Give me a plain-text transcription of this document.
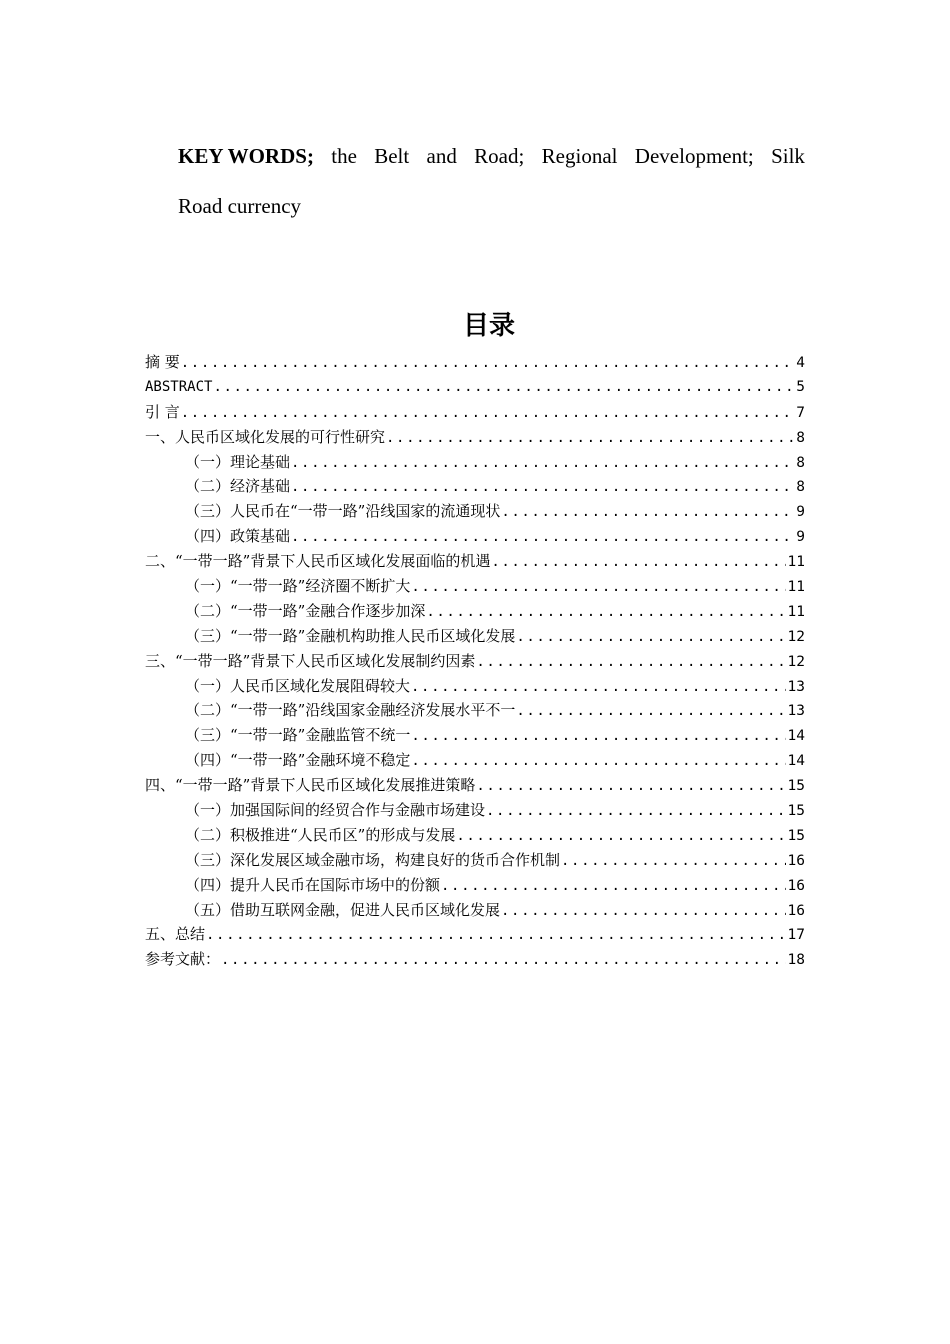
KEY WORDS; the Belt and Road; Regional Development; Silk
Road currency
目录
摘 要 .....	4
ABSTRACT .....	5
引 言 .....	7
一、人民币区域化发展的可行性研究 .....	8
（一）理论基础 .....	8
（二）经济基础 .....	8
（三）人民币在“一带一路”沿线国家的流通现状 .....	9
（四）政策基础 .....	9
二、“一带一路”背景下人民币区域化发展面临的机遇 .....	11
（一）“一带一路”经济圈不断扩大 .....	11
（二）“一带一路”金融合作逐步加深 .....	11
（三）“一带一路”金融机构助推人民币区域化发展 .....	12
三、“一带一路”背景下人民币区域化发展制约因素 .....	12
（一）人民币区域化发展阻碍较大 .....	13
（二）“一带一路”沿线国家金融经济发展水平不一 .....	13
（三）“一带一路”金融监管不统一 .....	14
（四）“一带一路”金融环境不稳定 .....	14
四、“一带一路”背景下人民币区域化发展推进策略 .....	15
（一）加强国际间的经贸合作与金融市场建设 .....	15
（二）积极推进“人民币区”的形成与发展 .....	15
（三）深化发展区域金融市场，构建良好的货币合作机制 .....	16
（四）提升人民币在国际市场中的份额 .....	16
（五）借助互联网金融，促进人民币区域化发展 .....	16
五、总结 .....	17
参考文献： .....	18
